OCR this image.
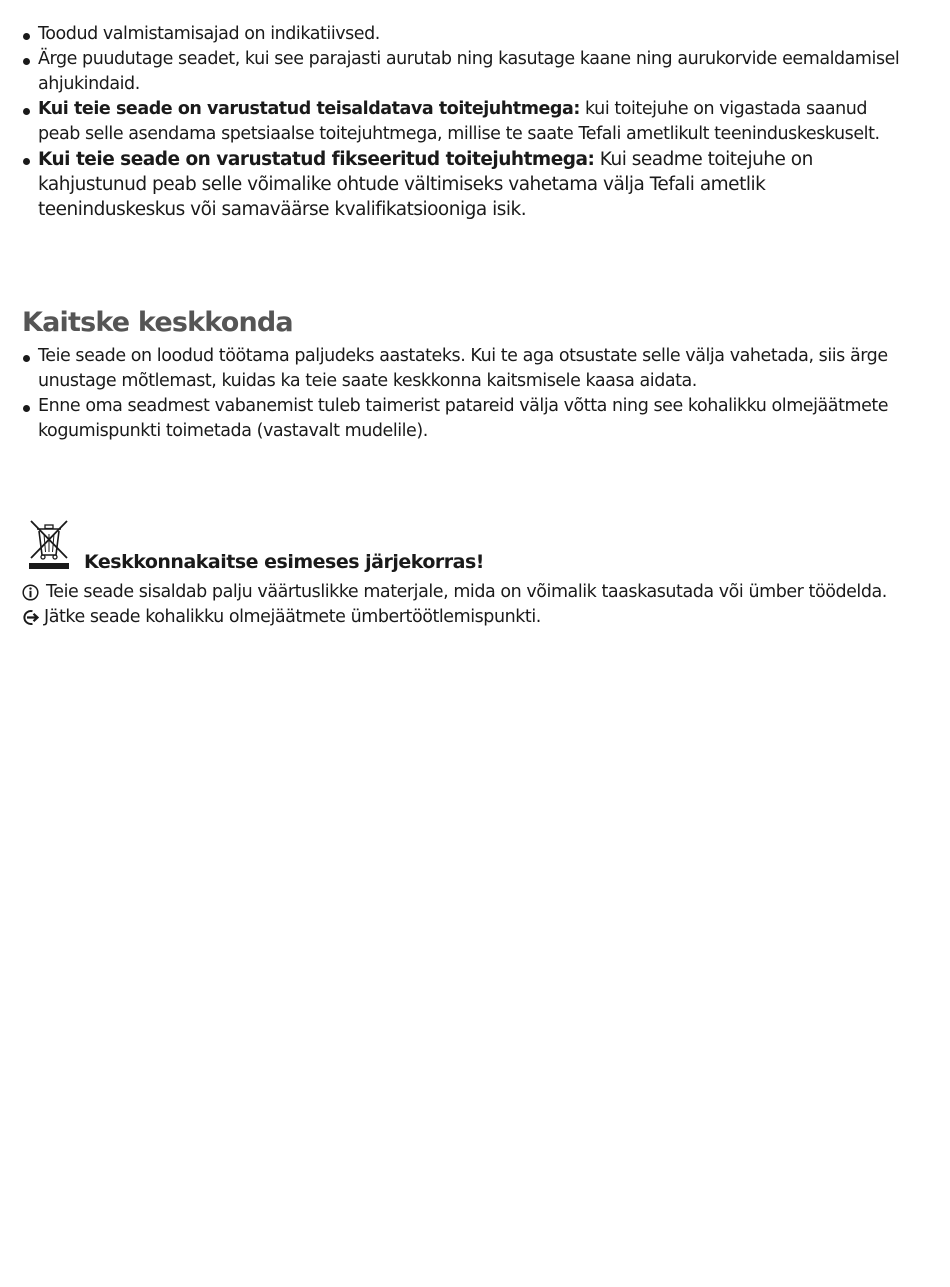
Toodud valmistamisajad on indikatiivsed.
Ärge puudutage seadet, kui see parajasti aurutab ning kasutage kaane ning aurukorvide eemaldamisel ahjukindaid.
Kui teie seade on varustatud teisaldatava toitejuhtmega: kui toitejuhe on vigastada saanud peab selle asendama spetsiaalse toitejuhtmega, millise te saate Tefali ametlikult teeninduskeskuselt.
Kui teie seade on varustatud fikseeritud toitejuhtmega: Kui seadme toitejuhe on kahjustunud peab selle võimalike ohtude vältimiseks vahetama välja Tefali ametlik teeninduskeskus või samaväärse kvalifikatsiooniga isik.
Kaitske keskkonda
Teie seade on loodud töötama paljudeks aastateks. Kui te aga otsustate selle välja vahetada, siis ärge unustage mõtlemast, kuidas ka teie saate keskkonna kaitsmisele kaasa aidata.
Enne oma seadmest vabanemist tuleb taimerist patareid välja võtta ning see kohalikku olmejäätmete kogumispunkti toimetada (vastavalt mudelile).
Keskkonnakaitse esimeses järjekorras!
Teie seade sisaldab palju väärtuslikke materjale, mida on võimalik taaskasutada või ümber töödelda.
Jätke seade kohalikku olmejäätmete ümbertöötlemispunkti.
